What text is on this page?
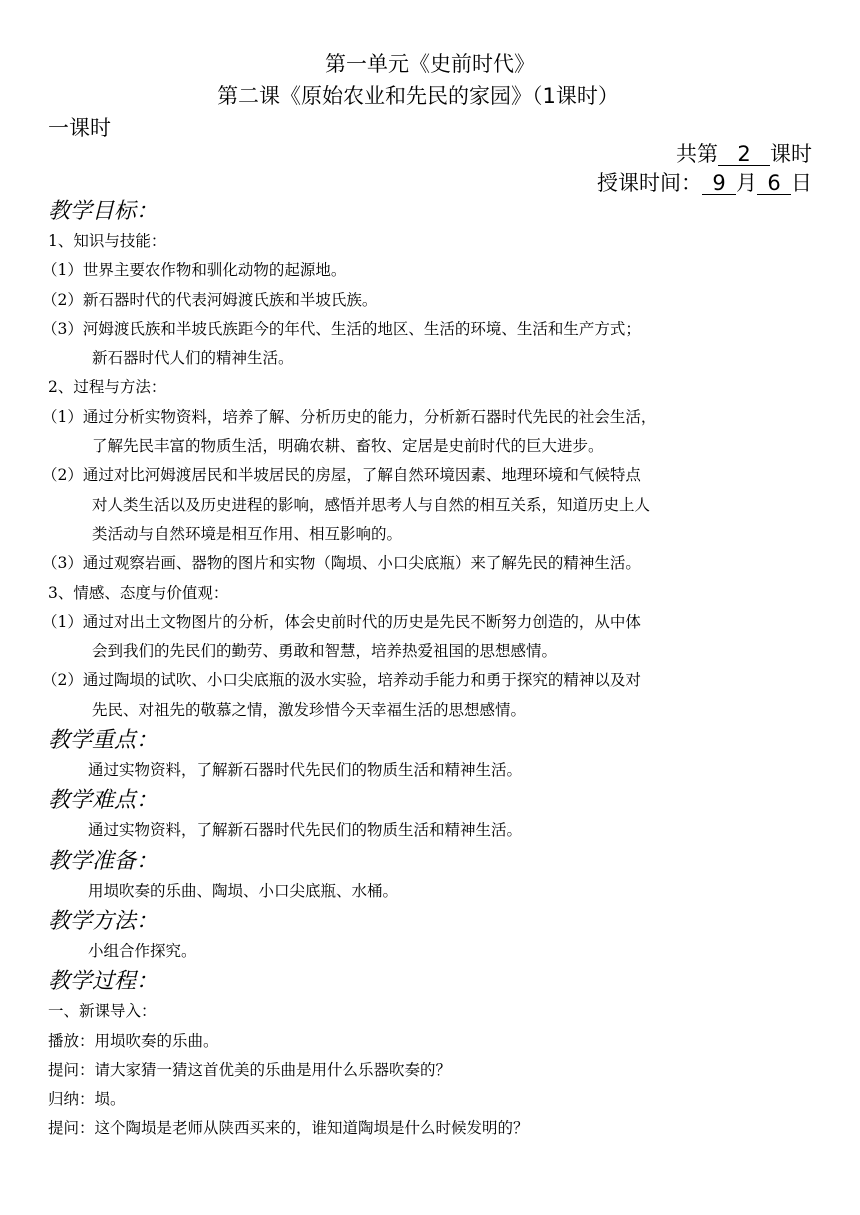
第一单元《史前时代》
第二课《原始农业和先民的家园》（1课时）
一课时
共第 2 课时
授课时间： 9 月 6 日
教学目标：
1、知识与技能：
（1）世界主要农作物和驯化动物的起源地。
（2）新石器时代的代表河姆渡氏族和半坡氏族。
（3）河姆渡氏族和半坡氏族距今的年代、生活的地区、生活的环境、生活和生产方式；
新石器时代人们的精神生活。
2、过程与方法：
（1）通过分析实物资料，培养了解、分析历史的能力，分析新石器时代先民的社会生活，
了解先民丰富的物质生活，明确农耕、畜牧、定居是史前时代的巨大进步。
（2）通过对比河姆渡居民和半坡居民的房屋，了解自然环境因素、地理环境和气候特点
对人类生活以及历史进程的影响，感悟并思考人与自然的相互关系，知道历史上人
类活动与自然环境是相互作用、相互影响的。
（3）通过观察岩画、器物的图片和实物（陶埙、小口尖底瓶）来了解先民的精神生活。
3、情感、态度与价值观：
（1）通过对出土文物图片的分析，体会史前时代的历史是先民不断努力创造的，从中体
会到我们的先民们的勤劳、勇敢和智慧，培养热爱祖国的思想感情。
（2）通过陶埙的试吹、小口尖底瓶的汲水实验，培养动手能力和勇于探究的精神以及对
先民、对祖先的敬慕之情，激发珍惜今天幸福生活的思想感情。
教学重点：
通过实物资料，了解新石器时代先民们的物质生活和精神生活。
教学难点：
通过实物资料，了解新石器时代先民们的物质生活和精神生活。
教学准备：
用埙吹奏的乐曲、陶埙、小口尖底瓶、水桶。
教学方法：
小组合作探究。
教学过程：
一、新课导入：
播放：用埙吹奏的乐曲。
提问：请大家猜一猜这首优美的乐曲是用什么乐器吹奏的？
归纳：埙。
提问：这个陶埙是老师从陕西买来的，谁知道陶埙是什么时候发明的？
